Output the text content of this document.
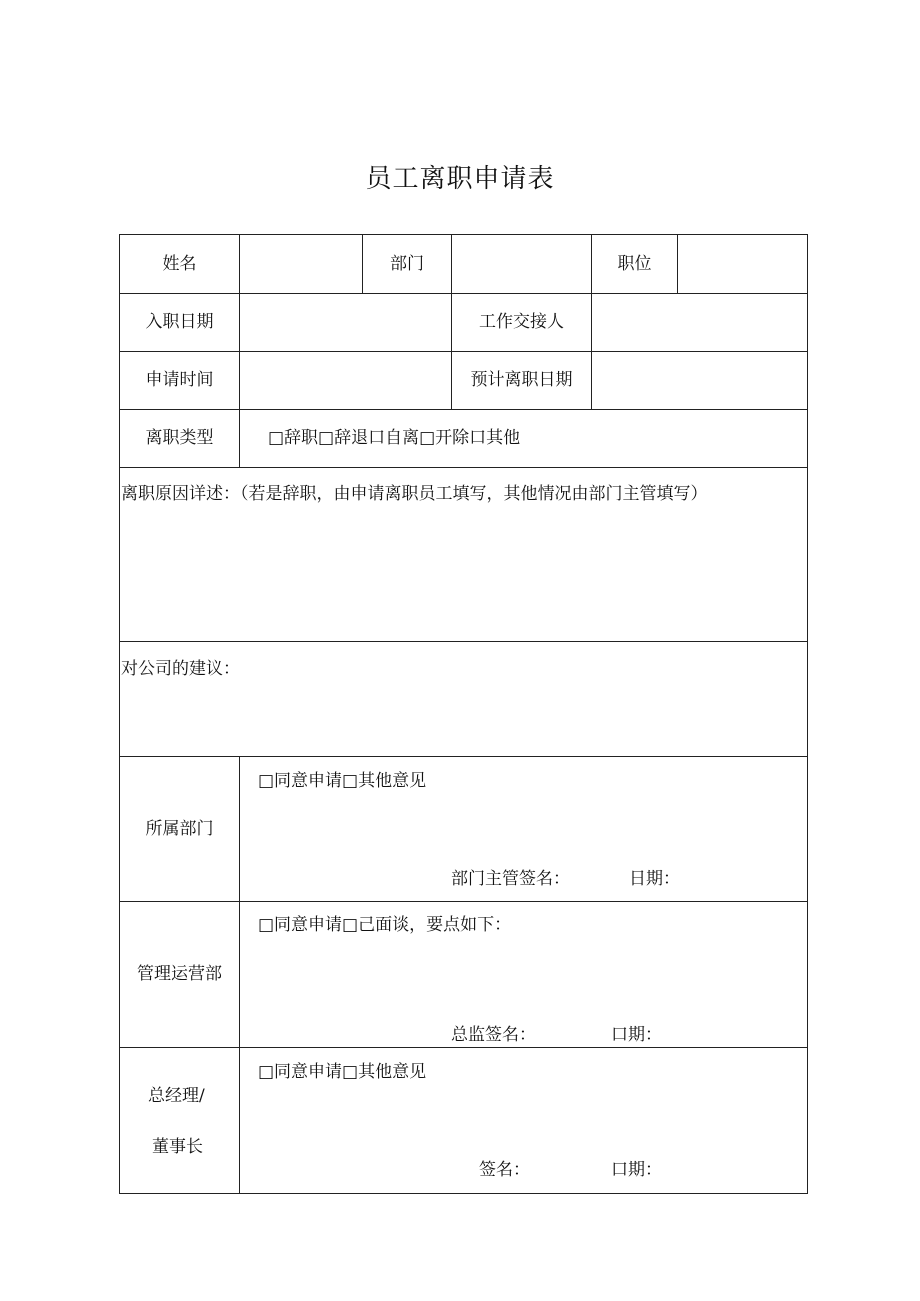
员工离职申请表
姓名	部门	职位
入职日期	工作交接人
申请时间	预计离职日期
离职类型	□辞职□辞退口自离□开除口其他
离职原因详述：（若是辞职，由申请离职员工填写，其他情况由部门主管填写）
对公司的建议：
所属部门
□同意申请□其他意见
部门主管签名：	日期：
管理运营部
□同意申请□己面谈，要点如下：
总监签名：	口期：
总经理/
董事长
□同意申请□其他意见
签名：	口期：
